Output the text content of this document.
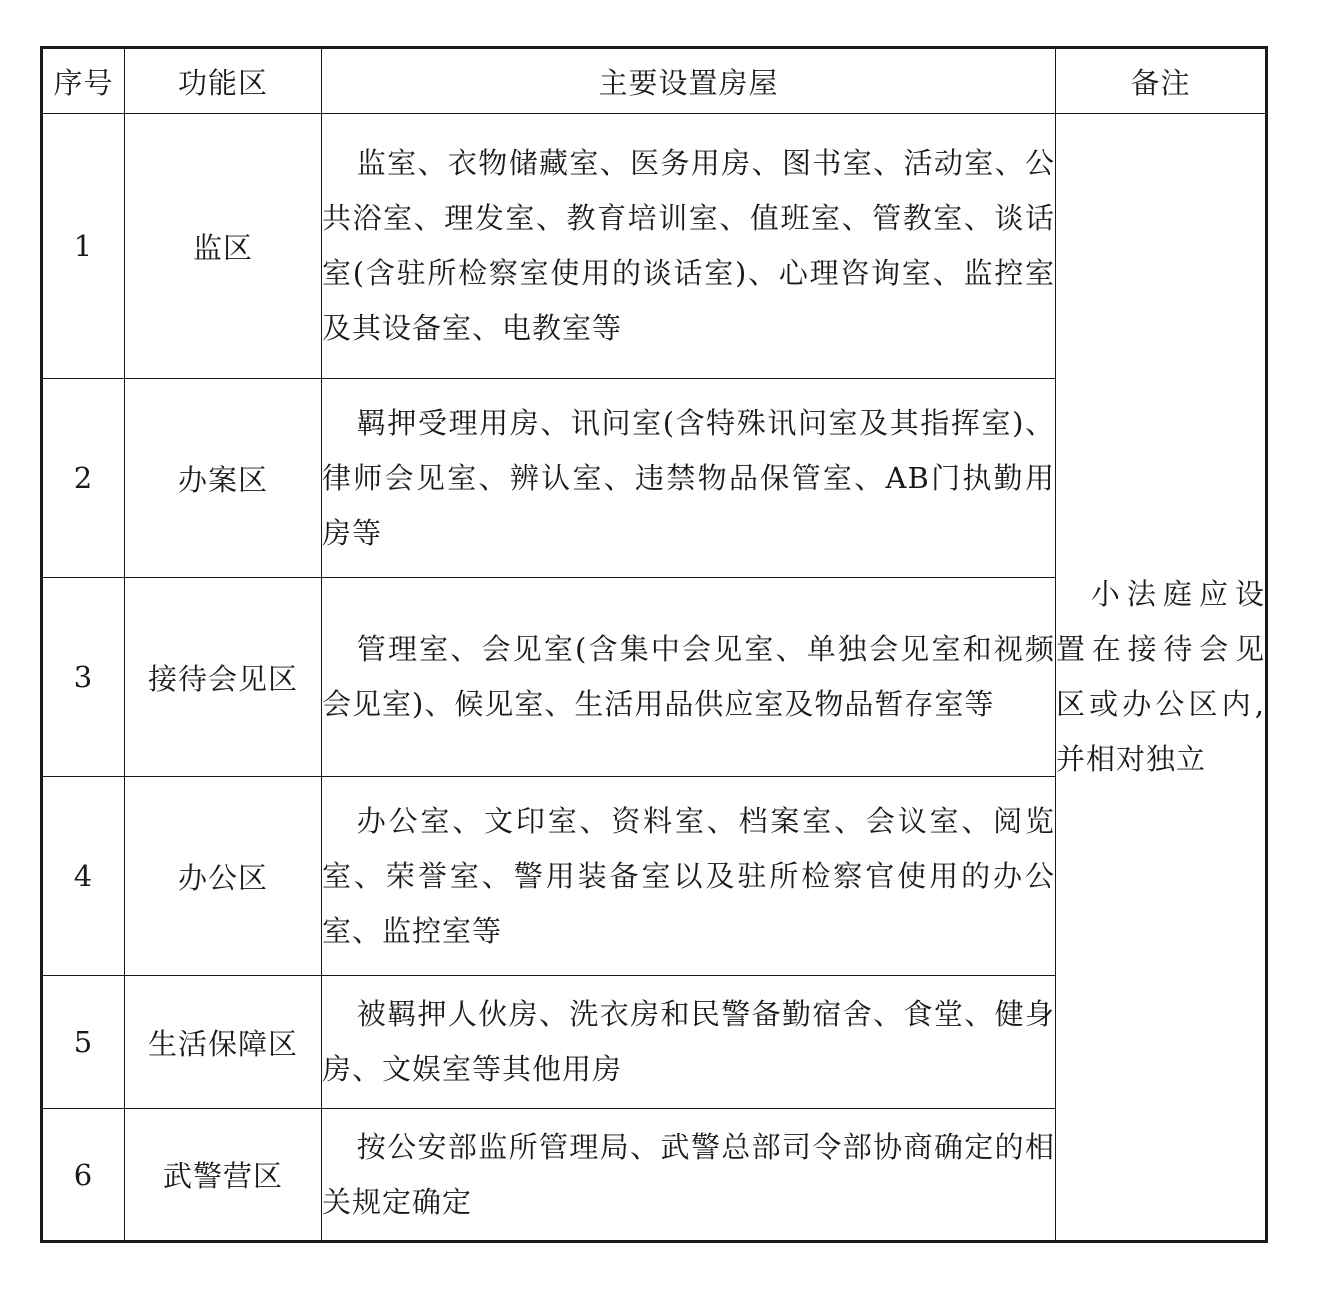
序号	功能区	主要设置房屋	备注
1	监区	监室、衣物储藏室、医务用房、图书室、活动室、公共浴室、理发室、教育培训室、值班室、管教室、谈话室(含驻所检察室使用的谈话室)、心理咨询室、监控室及其设备室、电教室等	小法庭应设置在接待会见区或办公区内,并相对独立

2	办案区	羁押受理用房、讯问室(含特殊讯问室及其指挥室)、律师会见室、辨认室、违禁物品保管室、AB门执勤用房等	

3	接待会见区	管理室、会见室(含集中会见室、单独会见室和视频会见室)、候见室、生活用品供应室及物品暂存室等	

4	办公区	办公室、文印室、资料室、档案室、会议室、阅览室、荣誉室、警用装备室以及驻所检察官使用的办公室、监控室等	

5	生活保障区	被羁押人伙房、洗衣房和民警备勤宿舍、食堂、健身房、文娱室等其他用房	

6	武警营区	按公安部监所管理局、武警总部司令部协商确定的相关规定确定	
